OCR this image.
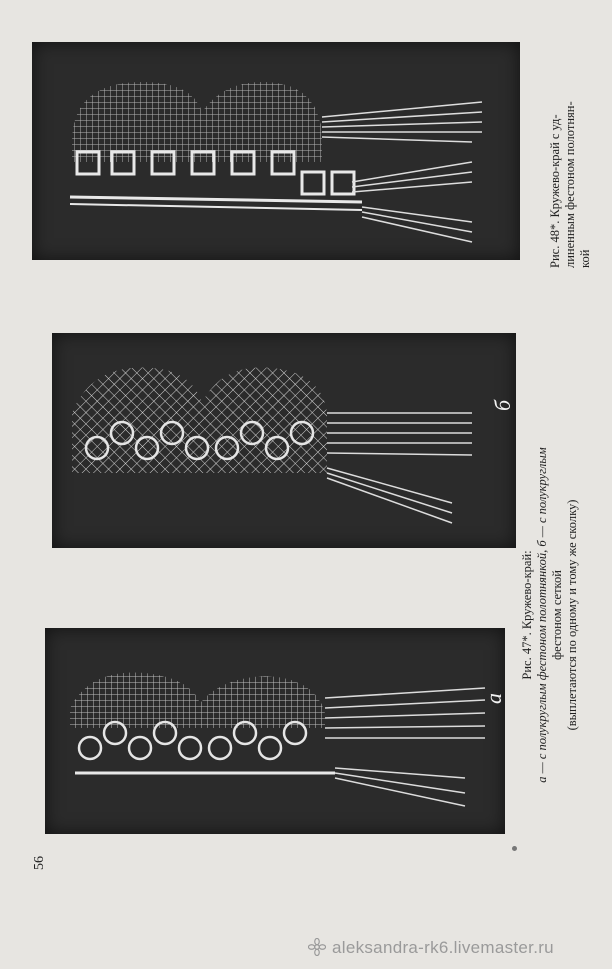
б
а
Рис. 47*. Кружево-край: а — с полукруглым фестоном полотнянкой, б — с полукруглым фестоном сеткой (выплетаются по одному и тому же сколку)
Рис. 48*. Кружево-край с уд- линенным фестоном полотнян- кой
56
aleksandra-rk6.livemaster.ru
